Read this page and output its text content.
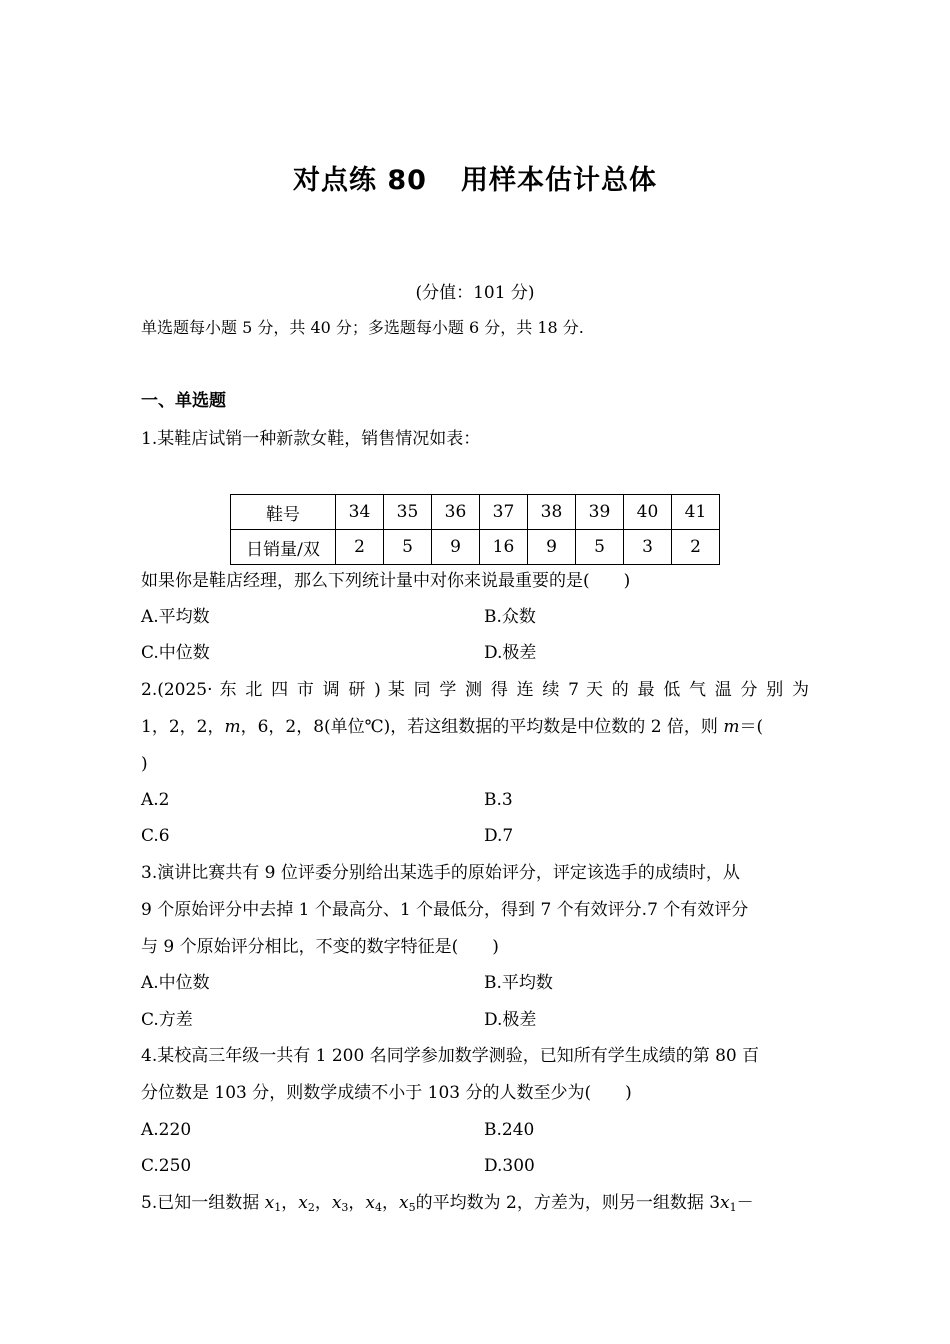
对点练 80 用样本估计总体
(分值：101 分)
单选题每小题 5 分，共 40 分；多选题每小题 6 分，共 18 分.
一、单选题
1.某鞋店试销一种新款女鞋，销售情况如表：
鞋号	34	35	36	37	38	39	40	41
日销量/双	2	5	9	16	9	5	3	2
如果你是鞋店经理，那么下列统计量中对你来说最重要的是(　　)
A.平均数	B.众数
C.中位数	D.极差
2.(2025· 东 北 四 市 调 研 ) 某 同 学 测 得 连 续 7 天 的 最 低 气 温 分 别 为
1，2，2，m，6，2，8(单位℃)，若这组数据的平均数是中位数的 2 倍，则 m＝(
)
A.2	B.3
C.6	D.7
3.演讲比赛共有 9 位评委分别给出某选手的原始评分，评定该选手的成绩时，从
9 个原始评分中去掉 1 个最高分、1 个最低分，得到 7 个有效评分.7 个有效评分
与 9 个原始评分相比，不变的数字特征是(　　)
A.中位数	B.平均数
C.方差	D.极差
4.某校高三年级一共有 1 200 名同学参加数学测验，已知所有学生成绩的第 80 百
分位数是 103 分，则数学成绩不小于 103 分的人数至少为(　　)
A.220	B.240
C.250	D.300
5.已知一组数据 $x_1$，$x_2$，$x_3$，$x_4$，$x_5$的平均数为 2，方差为，则另一组数据 $3x_1-$
